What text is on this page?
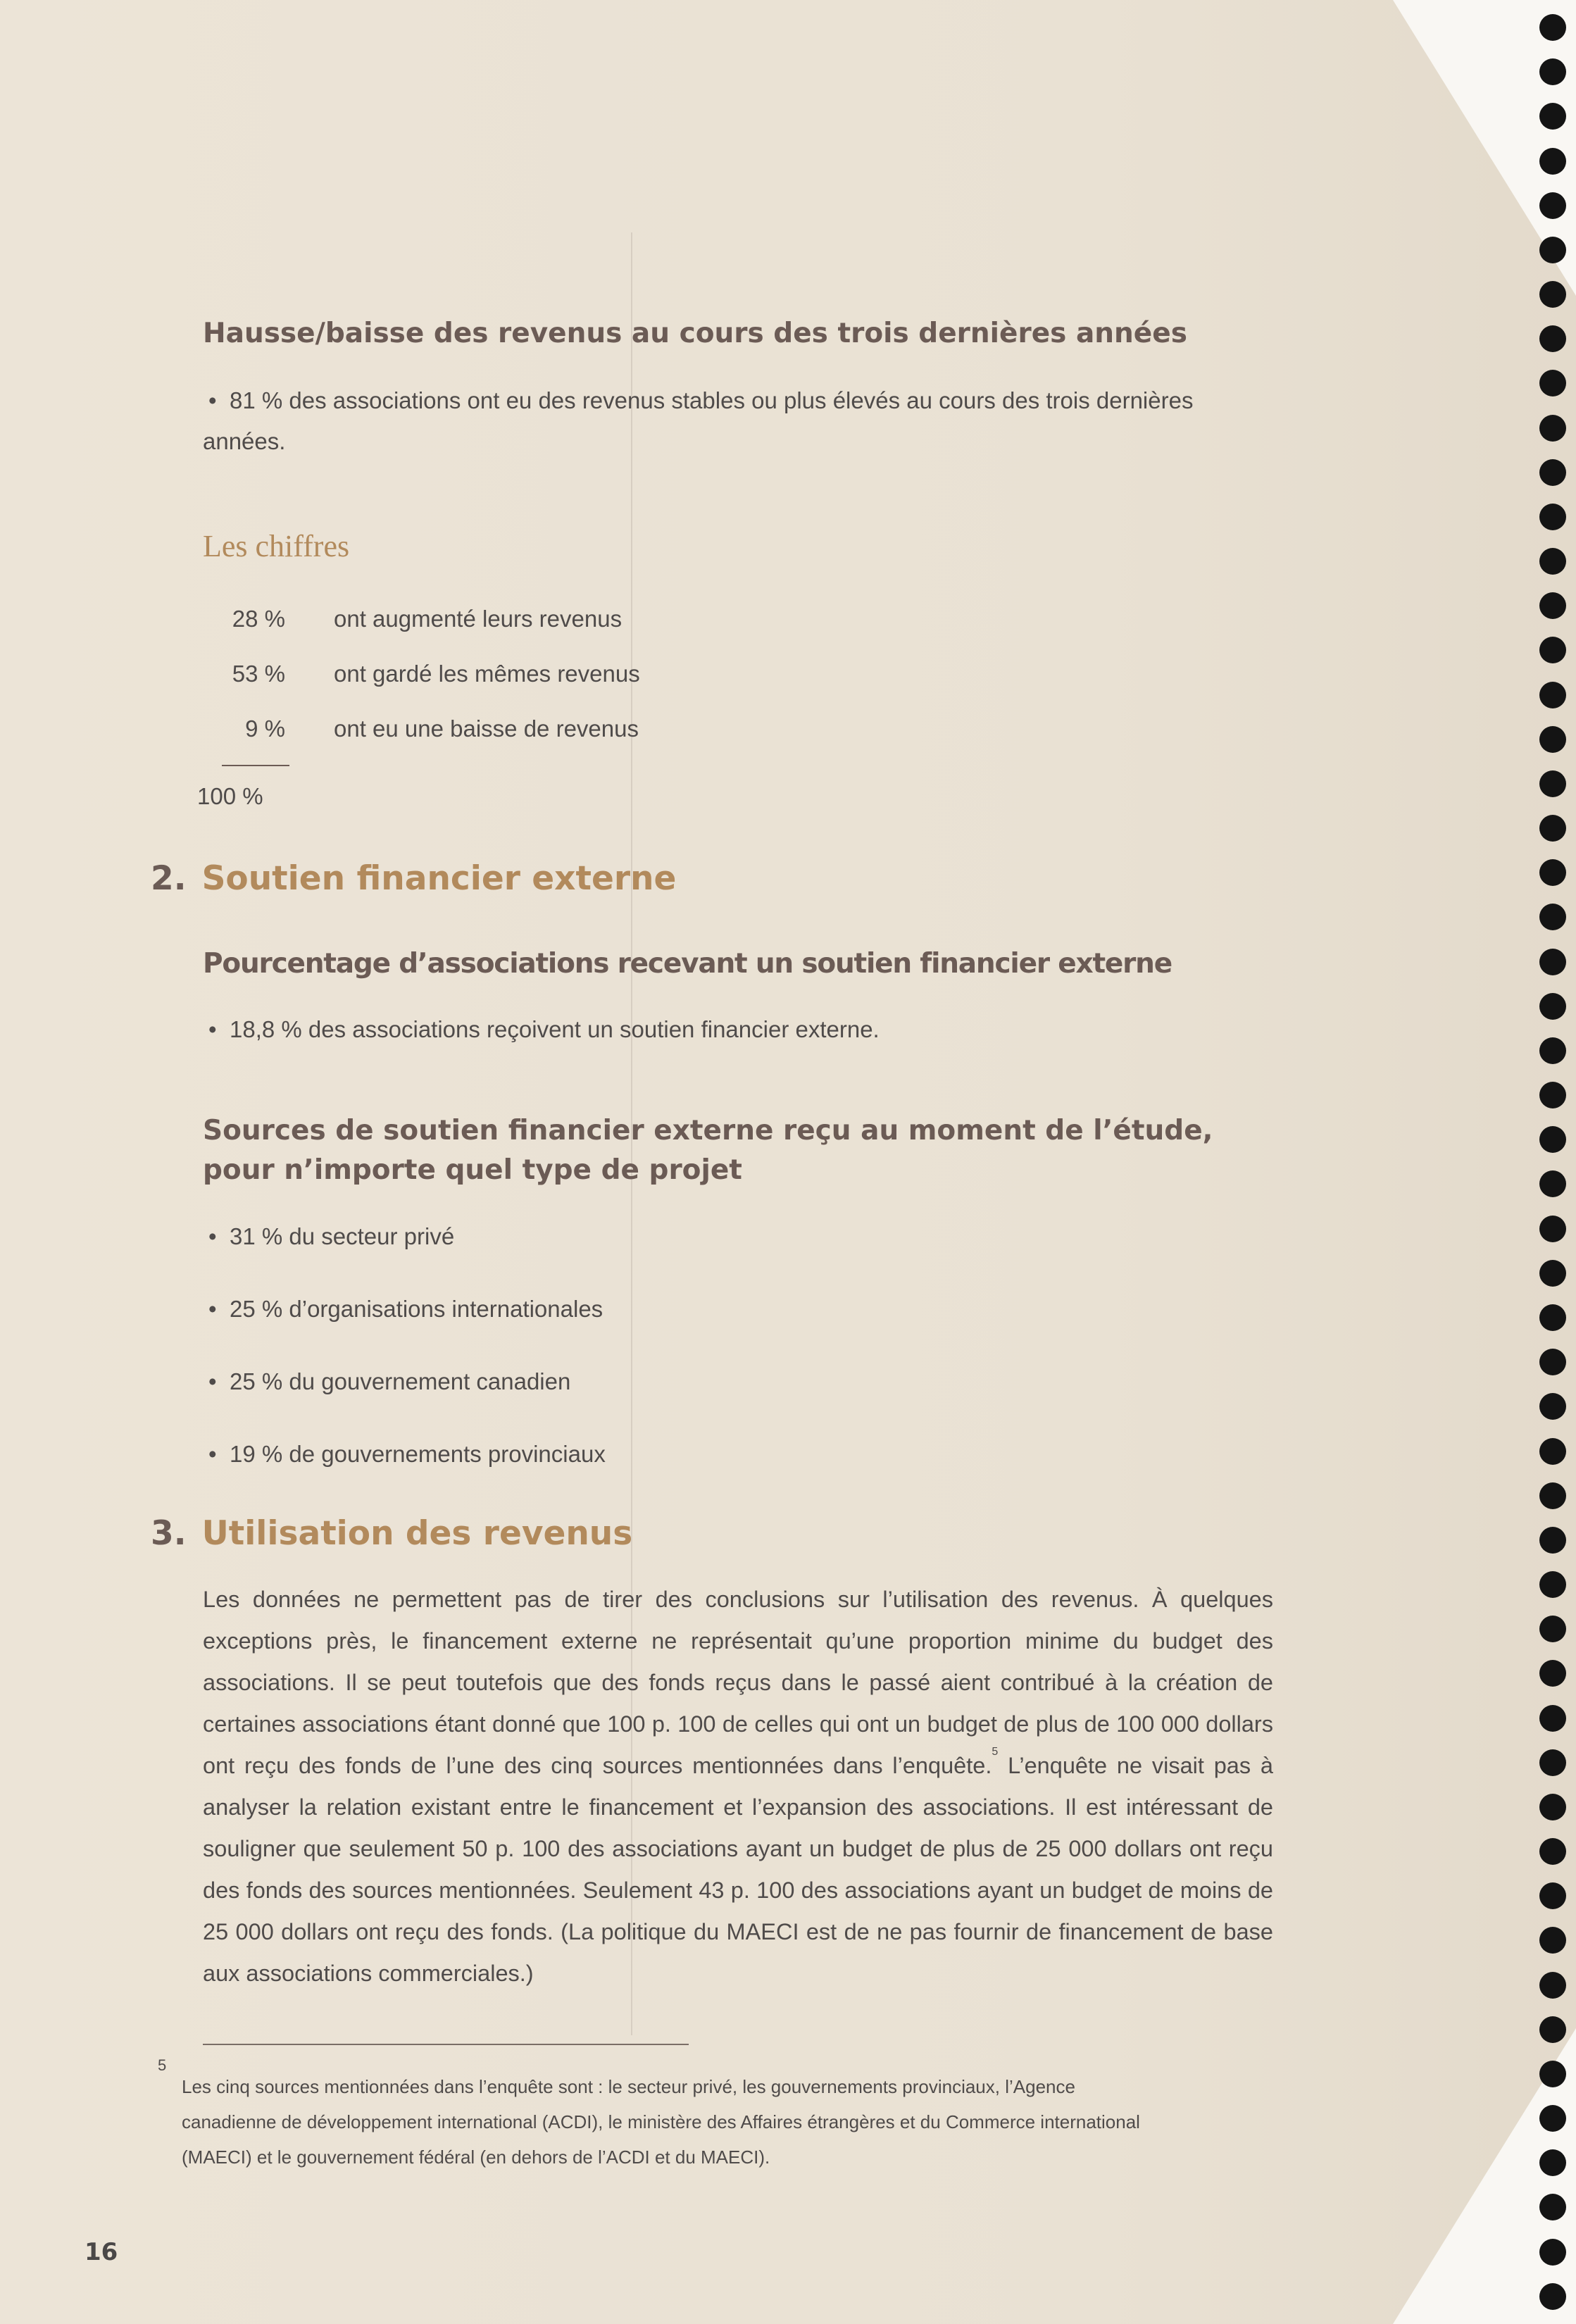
Hausse/baisse des revenus au cours des trois dernières années
• 81 % des associations ont eu des revenus stables ou plus élevés au cours des trois dernières années.
Les chiffres
28 % ont augmenté leurs revenus
53 % ont gardé les mêmes revenus
9 % ont eu une baisse de revenus
100 %
2. Soutien financier externe
Pourcentage d’associations recevant un soutien financier externe
• 18,8 % des associations reçoivent un soutien financier externe.
Sources de soutien financier externe reçu au moment de l’étude,
pour n’importe quel type de projet
• 31 % du secteur privé
• 25 % d’organisations internationales
• 25 % du gouvernement canadien
• 19 % de gouvernements provinciaux
3. Utilisation des revenus
Les données ne permettent pas de tirer des conclusions sur l’utilisation des revenus. À quelques exceptions près, le financement externe ne représentait qu’une proportion minime du budget des associations. Il se peut toutefois que des fonds reçus dans le passé aient contribué à la création de certaines associations étant donné que 100 p. 100 de celles qui ont un budget de plus de 100 000 dollars ont reçu des fonds de l’une des cinq sources mentionnées dans l’enquête.$^5$ L’enquête ne visait pas à analyser la relation existant entre le financement et l’expansion des associations. Il est intéressant de souligner que seulement 50 p. 100 des associations ayant un budget de plus de 25 000 dollars ont reçu des fonds des sources mentionnées. Seulement 43 p. 100 des associations ayant un budget de moins de 25 000 dollars ont reçu des fonds. (La politique du MAECI est de ne pas fournir de financement de base aux associations commerciales.)
5
Les cinq sources mentionnées dans l’enquête sont : le secteur privé, les gouvernements provinciaux, l’Agence canadienne de développement international (ACDI), le ministère des Affaires étrangères et du Commerce international (MAECI) et le gouvernement fédéral (en dehors de l’ACDI et du MAECI).
16
